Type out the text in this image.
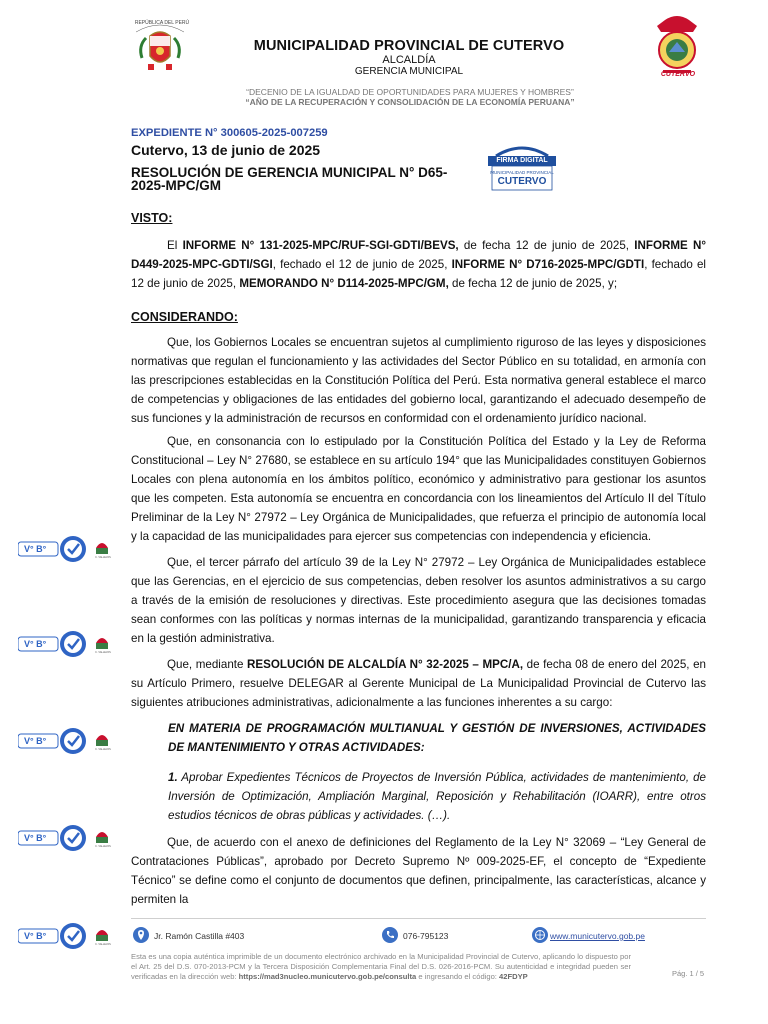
REPÚBLICA DEL PERÚ
MUNICIPALIDAD PROVINCIAL DE CUTERVO
ALCALDÍA
GERENCIA MUNICIPAL
“DECENIO DE LA IGUALDAD DE OPORTUNIDADES PARA MUJERES Y HOMBRES”
“AÑO DE LA RECUPERACIÓN Y CONSOLIDACIÓN DE LA ECONOMÍA PERUANA”
CUTERVO
EXPEDIENTE N° 300605-2025-007259
Cutervo, 13 de junio de 2025
RESOLUCIÓN DE GERENCIA MUNICIPAL N° D65-2025-MPC/GM
FIRMA DIGITAL
MUNICIPALIDAD PROVINCIAL
CUTERVO
VISTO:
El INFORME N° 131-2025-MPC/RUF-SGI-GDTI/BEVS, de fecha 12 de junio de 2025, INFORME N° D449-2025-MPC-GDTI/SGI, fechado el 12 de junio de 2025, INFORME N° D716-2025-MPC/GDTI, fechado el 12 de junio de 2025, MEMORANDO N° D114-2025-MPC/GM, de fecha 12 de junio de 2025, y;
CONSIDERANDO:
Que, los Gobiernos Locales se encuentran sujetos al cumplimiento riguroso de las leyes y disposiciones normativas que regulan el funcionamiento y las actividades del Sector Público en su totalidad, en armonía con las prescripciones establecidas en la Constitución Política del Perú. Esta normativa general establece el marco de competencias y obligaciones de las entidades del gobierno local, garantizando el adecuado desempeño de sus funciones y la administración de recursos en conformidad con el ordenamiento jurídico nacional.
Que, en consonancia con lo estipulado por la Constitución Política del Estado y la Ley de Reforma Constitucional – Ley N° 27680, se establece en su artículo 194° que las Municipalidades constituyen Gobiernos Locales con plena autonomía en los ámbitos político, económico y administrativo para gestionar los asuntos que les competen. Esta autonomía se encuentra en concordancia con los lineamientos del Artículo II del Título Preliminar de la Ley N° 27972 – Ley Orgánica de Municipalidades, que refuerza el principio de autonomía local y la capacidad de las municipalidades para ejercer sus competencias con independencia y eficiencia.
Que, el tercer párrafo del artículo 39 de la Ley N° 27972 – Ley Orgánica de Municipalidades establece que las Gerencias, en el ejercicio de sus competencias, deben resolver los asuntos administrativos a su cargo a través de la emisión de resoluciones y directivas. Este procedimiento asegura que las decisiones tomadas sean conformes con las políticas y normas internas de la municipalidad, garantizando transparencia y eficacia en la gestión administrativa.
Que, mediante RESOLUCIÓN DE ALCALDÍA N° 32-2025 – MPC/A, de fecha 08 de enero del 2025, en su Artículo Primero, resuelve DELEGAR al Gerente Municipal de La Municipalidad Provincial de Cutervo las siguientes atribuciones administrativas, adicionalmente a las funciones inherentes a su cargo:
EN MATERIA DE PROGRAMACIÓN MULTIANUAL Y GESTIÓN DE INVERSIONES, ACTIVIDADES DE MANTENIMIENTO Y OTRAS ACTIVIDADES:
1. Aprobar Expedientes Técnicos de Proyectos de Inversión Pública, actividades de mantenimiento, de Inversión de Optimización, Ampliación Marginal, Reposición y Rehabilitación (IOARR), entre otros estudios técnicos de obras públicas y actividades. (…).
Que, de acuerdo con el anexo de definiciones del Reglamento de la Ley N° 32069 – “Ley General de Contrataciones Públicas”, aprobado por Decreto Supremo Nº 009-2025-EF, el concepto de “Expediente Técnico” se define como el conjunto de documentos que definen, principalmente, las características, alcance y permiten la
V° B°
C. VALLEJOS
V° B°
C. VALLEJOS
V° B°
C. VALLEJOS
V° B°
C. VALLEJOS
V° B°
C. VALLEJOS
Jr. Ramón Castilla #403	076-795123	www.municutervo.gob.pe
Esta es una copia auténtica imprimible de un documento electrónico archivado en la Municipalidad Provincial de Cutervo, aplicando lo dispuesto por el Art. 25 del D.S. 070-2013-PCM y la Tercera Disposición Complementaria Final del D.S. 026-2016-PCM. Su autenticidad e integridad pueden ser verificadas en la dirección web: https://mad3nucleo.municutervo.gob.pe/consulta e ingresando el código: 42FDYP	Pág. 1 / 5
